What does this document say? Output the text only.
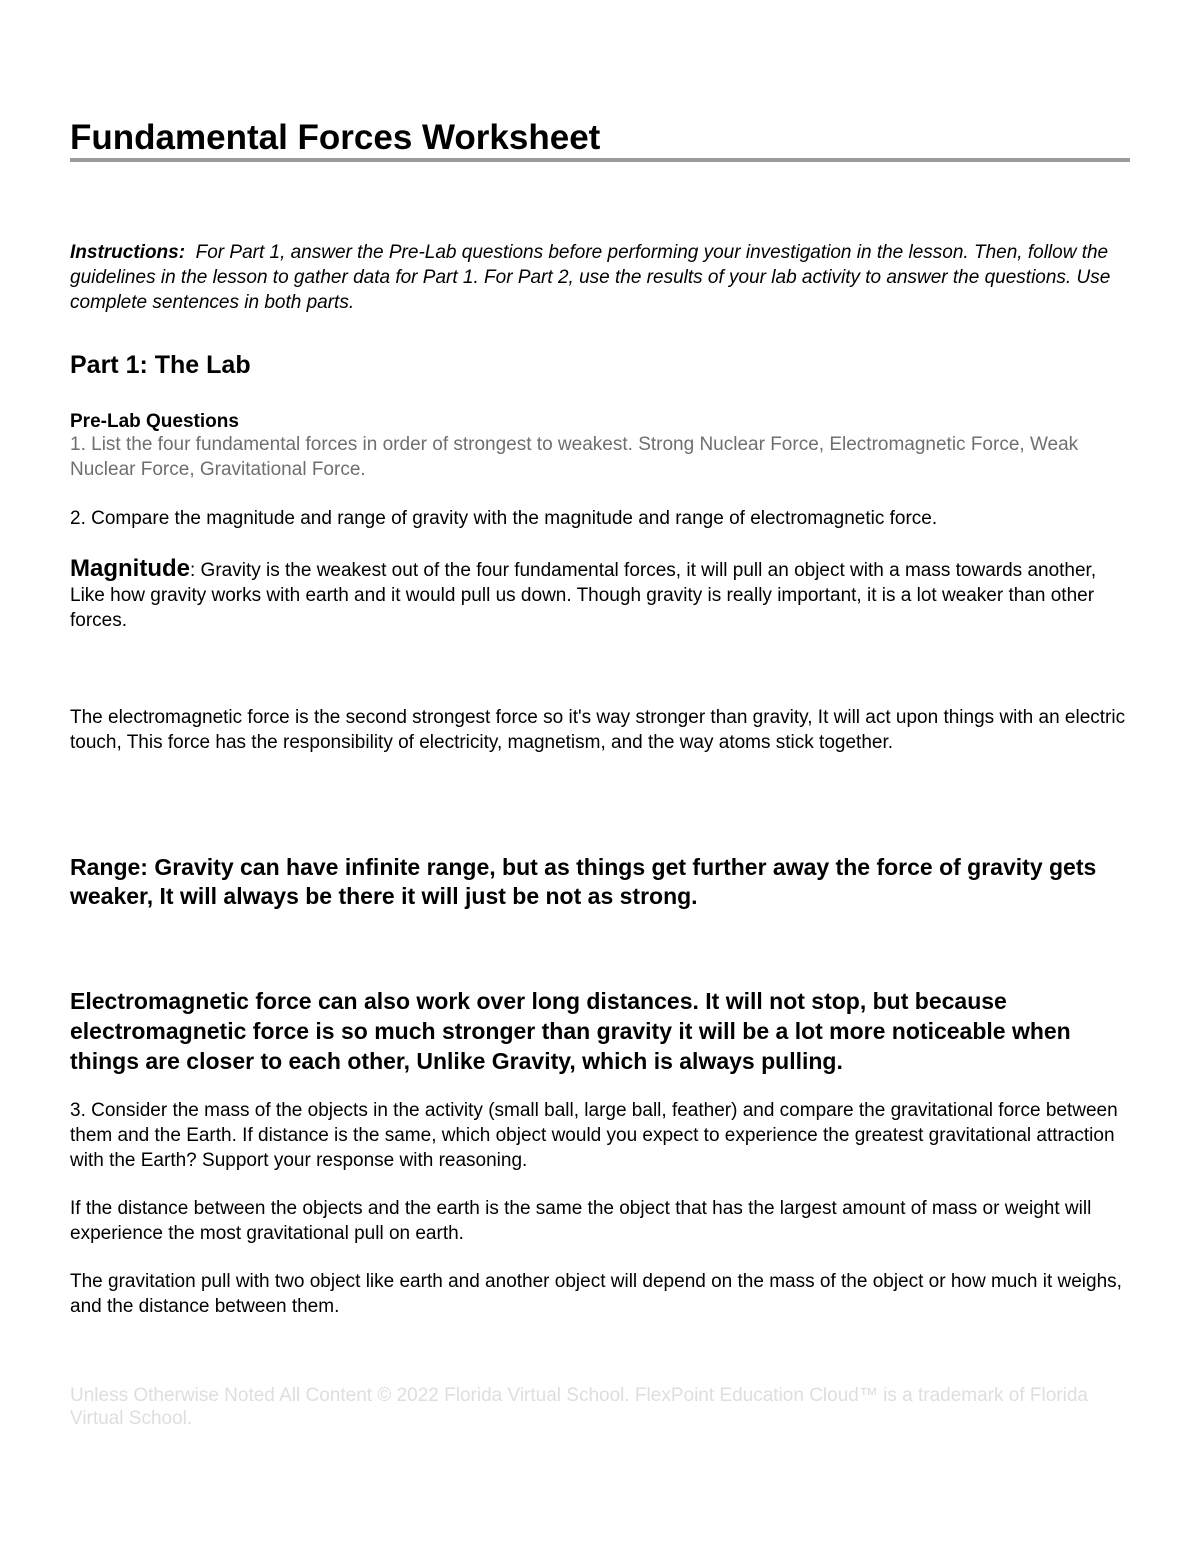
Fundamental Forces Worksheet

Instructions: For Part 1, answer the Pre-Lab questions before performing your investigation in the lesson. Then, follow the guidelines in the lesson to gather data for Part 1. For Part 2, use the results of your lab activity to answer the questions. Use complete sentences in both parts.

Part 1: The Lab
Pre-Lab Questions

1. List the four fundamental forces in order of strongest to weakest. Strong Nuclear Force, Electromagnetic Force, Weak Nuclear Force, Gravitational Force.

2. Compare the magnitude and range of gravity with the magnitude and range of electromagnetic force.

Magnitude: Gravity is the weakest out of the four fundamental forces, it will pull an object with a mass towards another, Like how gravity works with earth and it would pull us down. Though gravity is really important, it is a lot weaker than other forces.

The electromagnetic force is the second strongest force so it's way stronger than gravity, It will act upon things with an electric touch, This force has the responsibility of electricity, magnetism, and the way atoms stick together.

Range: Gravity can have infinite range, but as things get further away the force of gravity gets weaker, It will always be there it will just be not as strong.

Electromagnetic force can also work over long distances. It will not stop, but because electromagnetic force is so much stronger than gravity it will be a lot more noticeable when things are closer to each other, Unlike Gravity, which is always pulling.

3. Consider the mass of the objects in the activity (small ball, large ball, feather) and compare the gravitational force between them and the Earth. If distance is the same, which object would you expect to experience the greatest gravitational attraction with the Earth? Support your response with reasoning.

If the distance between the objects and the earth is the same the object that has the largest amount of mass or weight will experience the most gravitational pull on earth.

The gravitation pull with two object like earth and another object will depend on the mass of the object or how much it weighs, and the distance between them.

Unless Otherwise Noted All Content © 2022 Florida Virtual School. FlexPoint Education Cloud™ is a trademark of Florida Virtual School.
